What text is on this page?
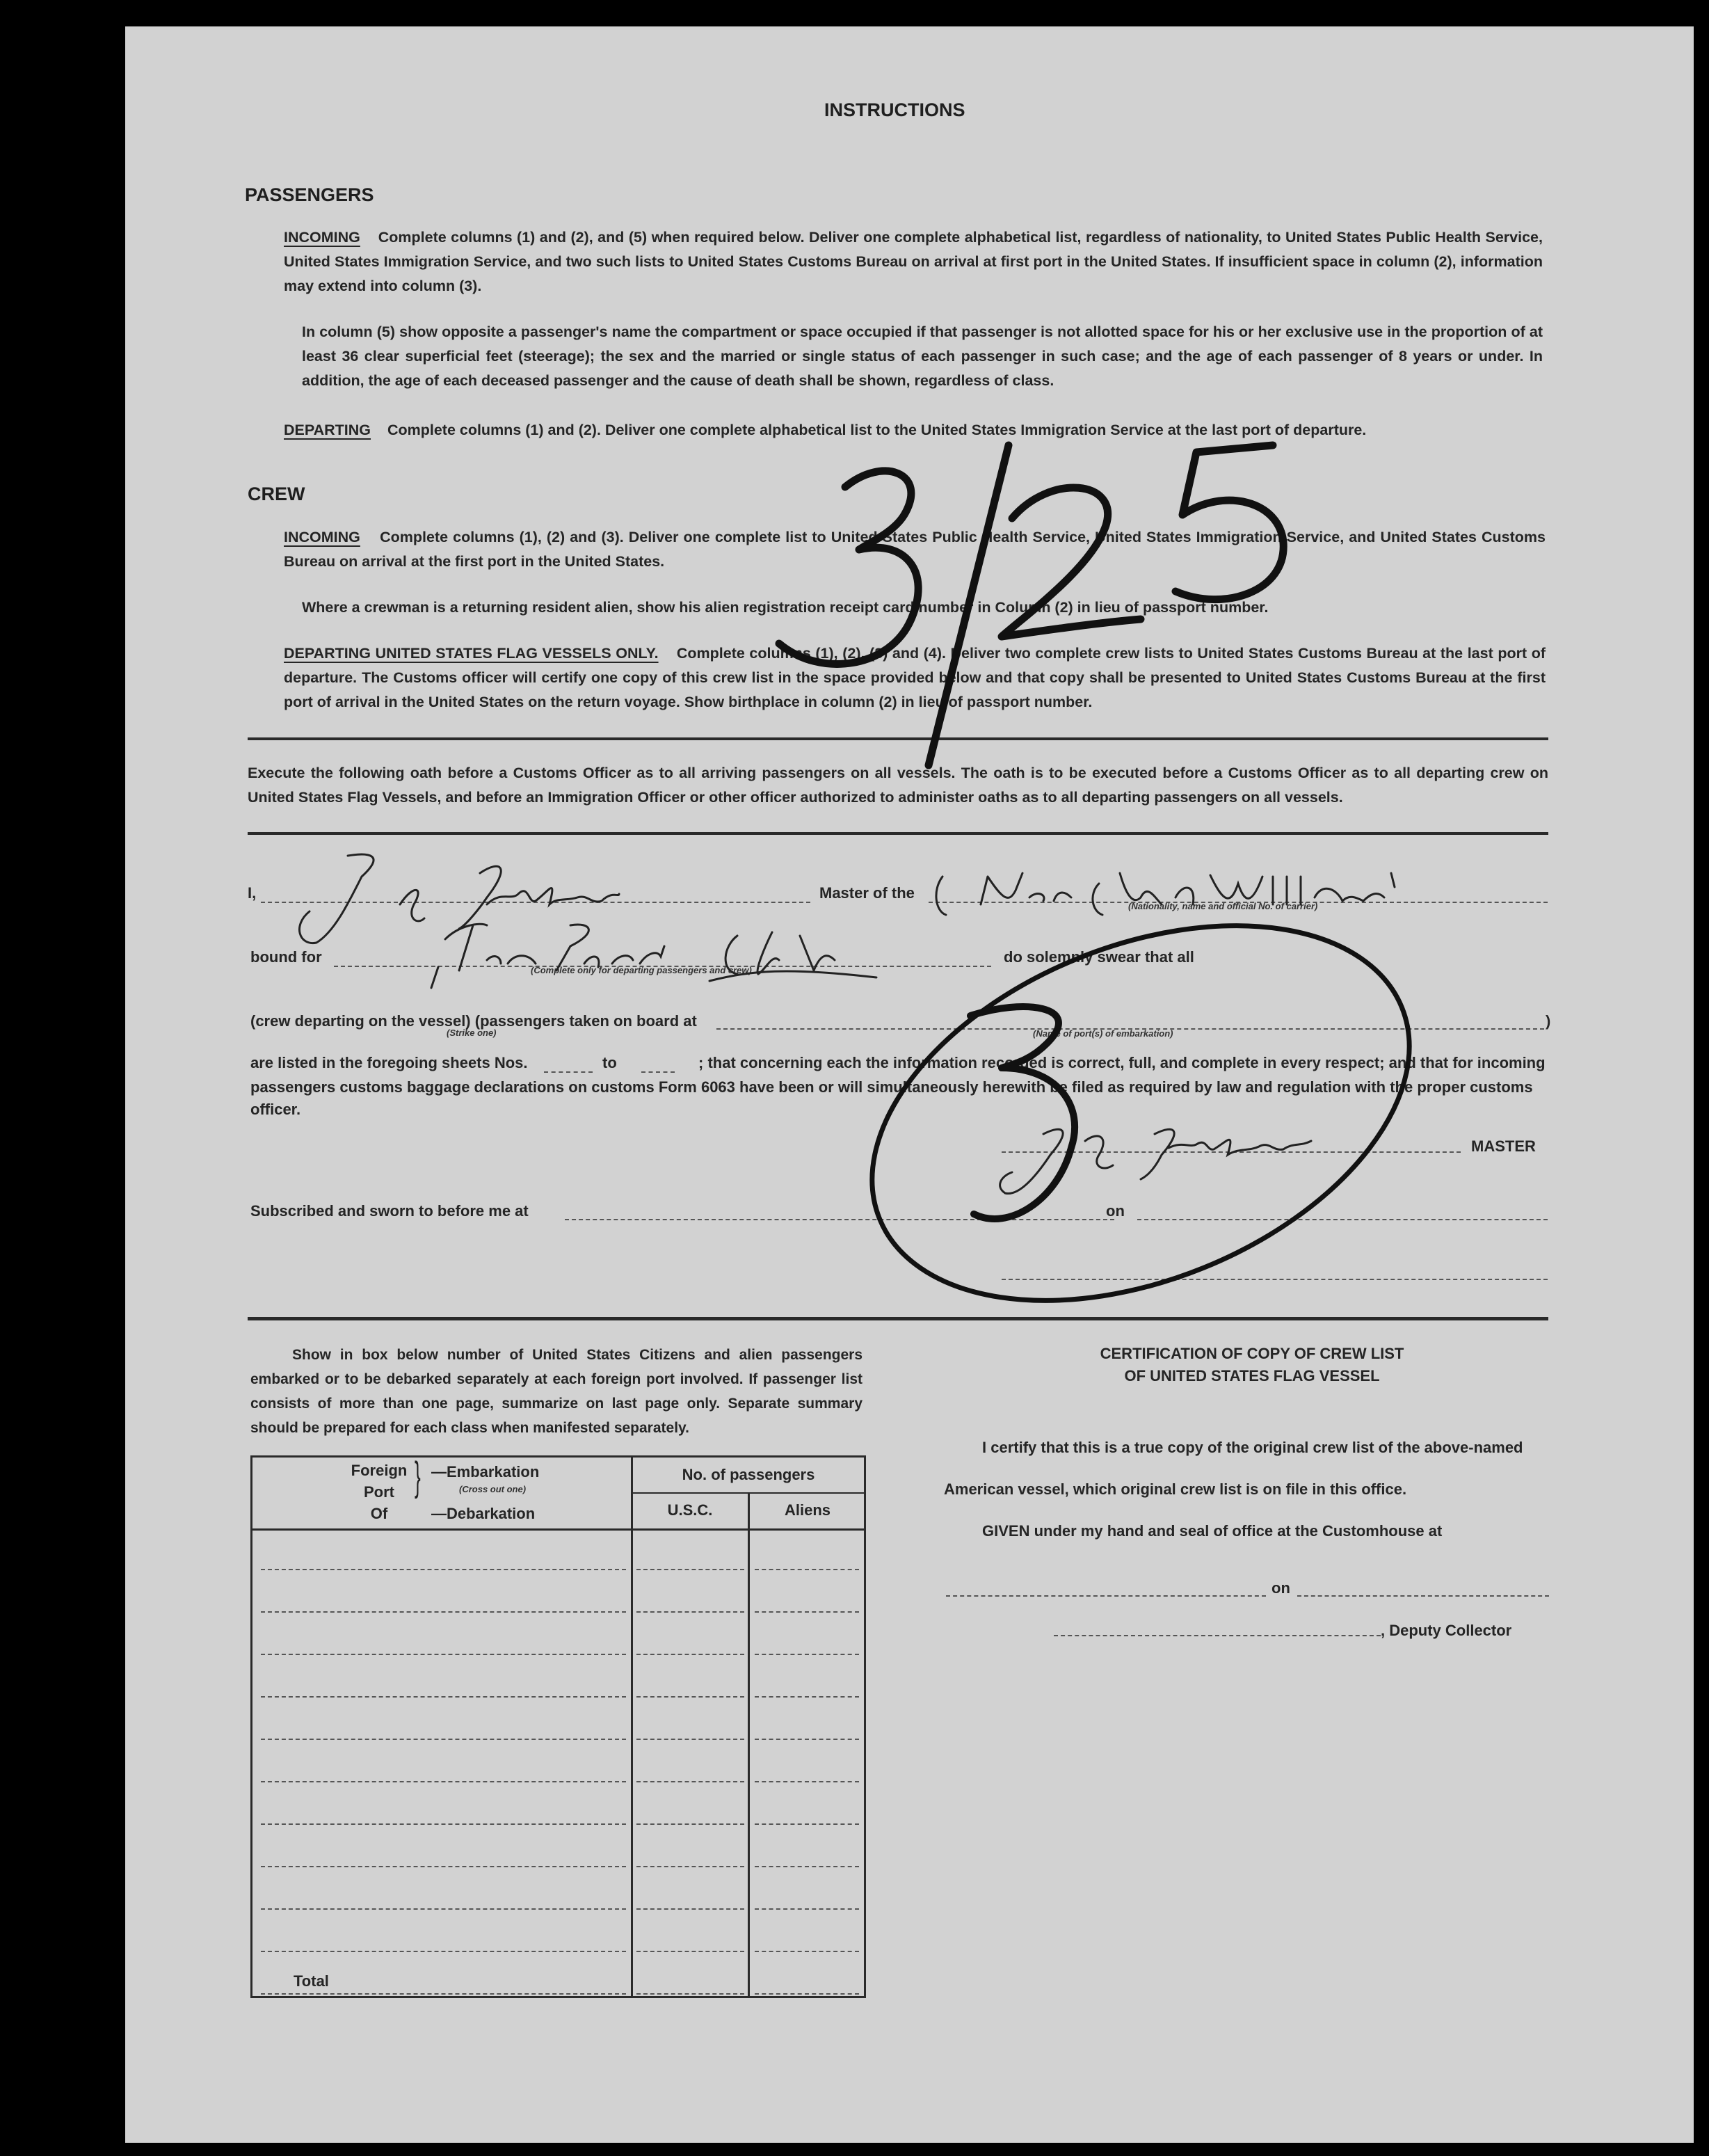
INSTRUCTIONS
PASSENGERS
INCOMING Complete columns (1) and (2), and (5) when required below. Deliver one complete alphabetical list, regardless of nationality, to United States Public Health Service, United States Immigration Service, and two such lists to United States Customs Bureau on arrival at first port in the United States. If insufficient space in column (2), information may extend into column (3).
In column (5) show opposite a passenger's name the compartment or space occupied if that passenger is not allotted space for his or her exclusive use in the proportion of at least 36 clear superficial feet (steerage); the sex and the married or single status of each passenger in such case; and the age of each passenger of 8 years or under. In addition, the age of each deceased passenger and the cause of death shall be shown, regardless of class.
DEPARTING Complete columns (1) and (2). Deliver one complete alphabetical list to the United States Immigration Service at the last port of departure.
CREW
INCOMING Complete columns (1), (2) and (3). Deliver one complete list to United States Public Health Service, United States Immigration Service, and United States Customs Bureau on arrival at the first port in the United States.
Where a crewman is a returning resident alien, show his alien registration receipt card number in Column (2) in lieu of passport number.
DEPARTING UNITED STATES FLAG VESSELS ONLY. Complete columns (1), (2), (3) and (4). Deliver two complete crew lists to United States Customs Bureau at the last port of departure. The Customs officer will certify one copy of this crew list in the space provided below and that copy shall be presented to United States Customs Bureau at the first port of arrival in the United States on the return voyage. Show birthplace in column (2) in lieu of passport number.
Execute the following oath before a Customs Officer as to all arriving passengers on all vessels. The oath is to be executed before a Customs Officer as to all departing crew on United States Flag Vessels, and before an Immigration Officer or other officer authorized to administer oaths as to all departing passengers on all vessels.
I,	Master of the
(Nationality, name and official No. of carrier)
bound for
(Complete only for departing passengers and crew)
do solemnly swear that all
(crew departing on the vessel) (passengers taken on board at
(Strike one)	(Name of port(s) of embarkation)
)
are listed in the foregoing sheets Nos.	to	; that concerning each the information recorded is correct, full, and complete in every respect; and that for incoming
passengers customs baggage declarations on customs Form 6063 have been or will simultaneously herewith be filed as required by law and regulation with the proper customs
officer.
MASTER
Subscribed and sworn to before me at	on
Show in box below number of United States Citizens and alien passengers embarked or to be debarked separately at each foreign port involved. If passenger list consists of more than one page, summarize on last page only. Separate summary should be prepared for each class when manifested separately.
Foreign
Port
Of
} —Embarkation
(Cross out one)
—Debarkation
No. of passengers
U.S.C.	Aliens
Total
CERTIFICATION OF COPY OF CREW LIST
OF UNITED STATES FLAG VESSEL
I certify that this is a true copy of the original crew list of the above-named
American vessel, which original crew list is on file in this office.
GIVEN under my hand and seal of office at the Customhouse at
on
, Deputy Collector
